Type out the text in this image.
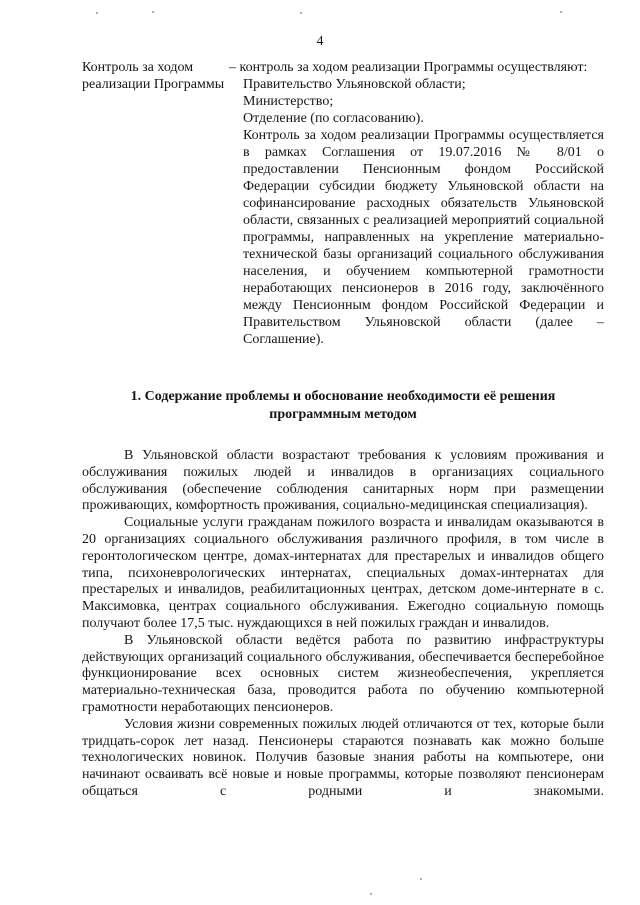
4
Контроль за ходом реализации Программы
– контроль за ходом реализации Программы осуществляют:
Правительство Ульяновской области;
Министерство;
Отделение (по согласованию).
Контроль за ходом реализации Программы осуществляется в рамках Соглашения от 19.07.2016 № 8/01 о предоставлении Пенсионным фондом Российской Федерации субсидии бюджету Ульяновской области на софинансирование расходных обязательств Ульяновской области, связанных с реализацией мероприятий социальной программы, направленных на укрепление материально-технической базы организаций социального обслуживания населения, и обучением компьютерной грамотности неработающих пенсионеров в 2016 году, заключённого между Пенсионным фондом Российской Федерации и Правительством Ульяновской области (далее – Соглашение).
1. Содержание проблемы и обоснование необходимости её решения
программным методом

В Ульяновской области возрастают требования к условиям проживания и обслуживания пожилых людей и инвалидов в организациях социального обслуживания (обеспечение соблюдения санитарных норм при размещении проживающих, комфортность проживания, социально-медицинская специализация).

Социальные услуги гражданам пожилого возраста и инвалидам оказываются в 20 организациях социального обслуживания различного профиля, в том числе в геронтологическом центре, домах-интернатах для престарелых и инвалидов общего типа, психоневрологических интернатах, специальных домах-интернатах для престарелых и инвалидов, реабилитационных центрах, детском доме-интернате в с. Максимовка, центрах социального обслуживания. Ежегодно социальную помощь получают более 17,5 тыс. нуждающихся в ней пожилых граждан и инвалидов.

В Ульяновской области ведётся работа по развитию инфраструктуры действующих организаций социального обслуживания, обеспечивается бесперебойное функционирование всех основных систем жизнеобеспечения, укрепляется материально-техническая база, проводится работа по обучению компьютерной грамотности неработающих пенсионеров.

Условия жизни современных пожилых людей отличаются от тех, которые были тридцать-сорок лет назад. Пенсионеры стараются познавать как можно больше технологических новинок. Получив базовые знания работы на компьютере, они начинают осваивать всё новые и новые программы, которые позволяют пенсионерам общаться с родными и знакомыми.
